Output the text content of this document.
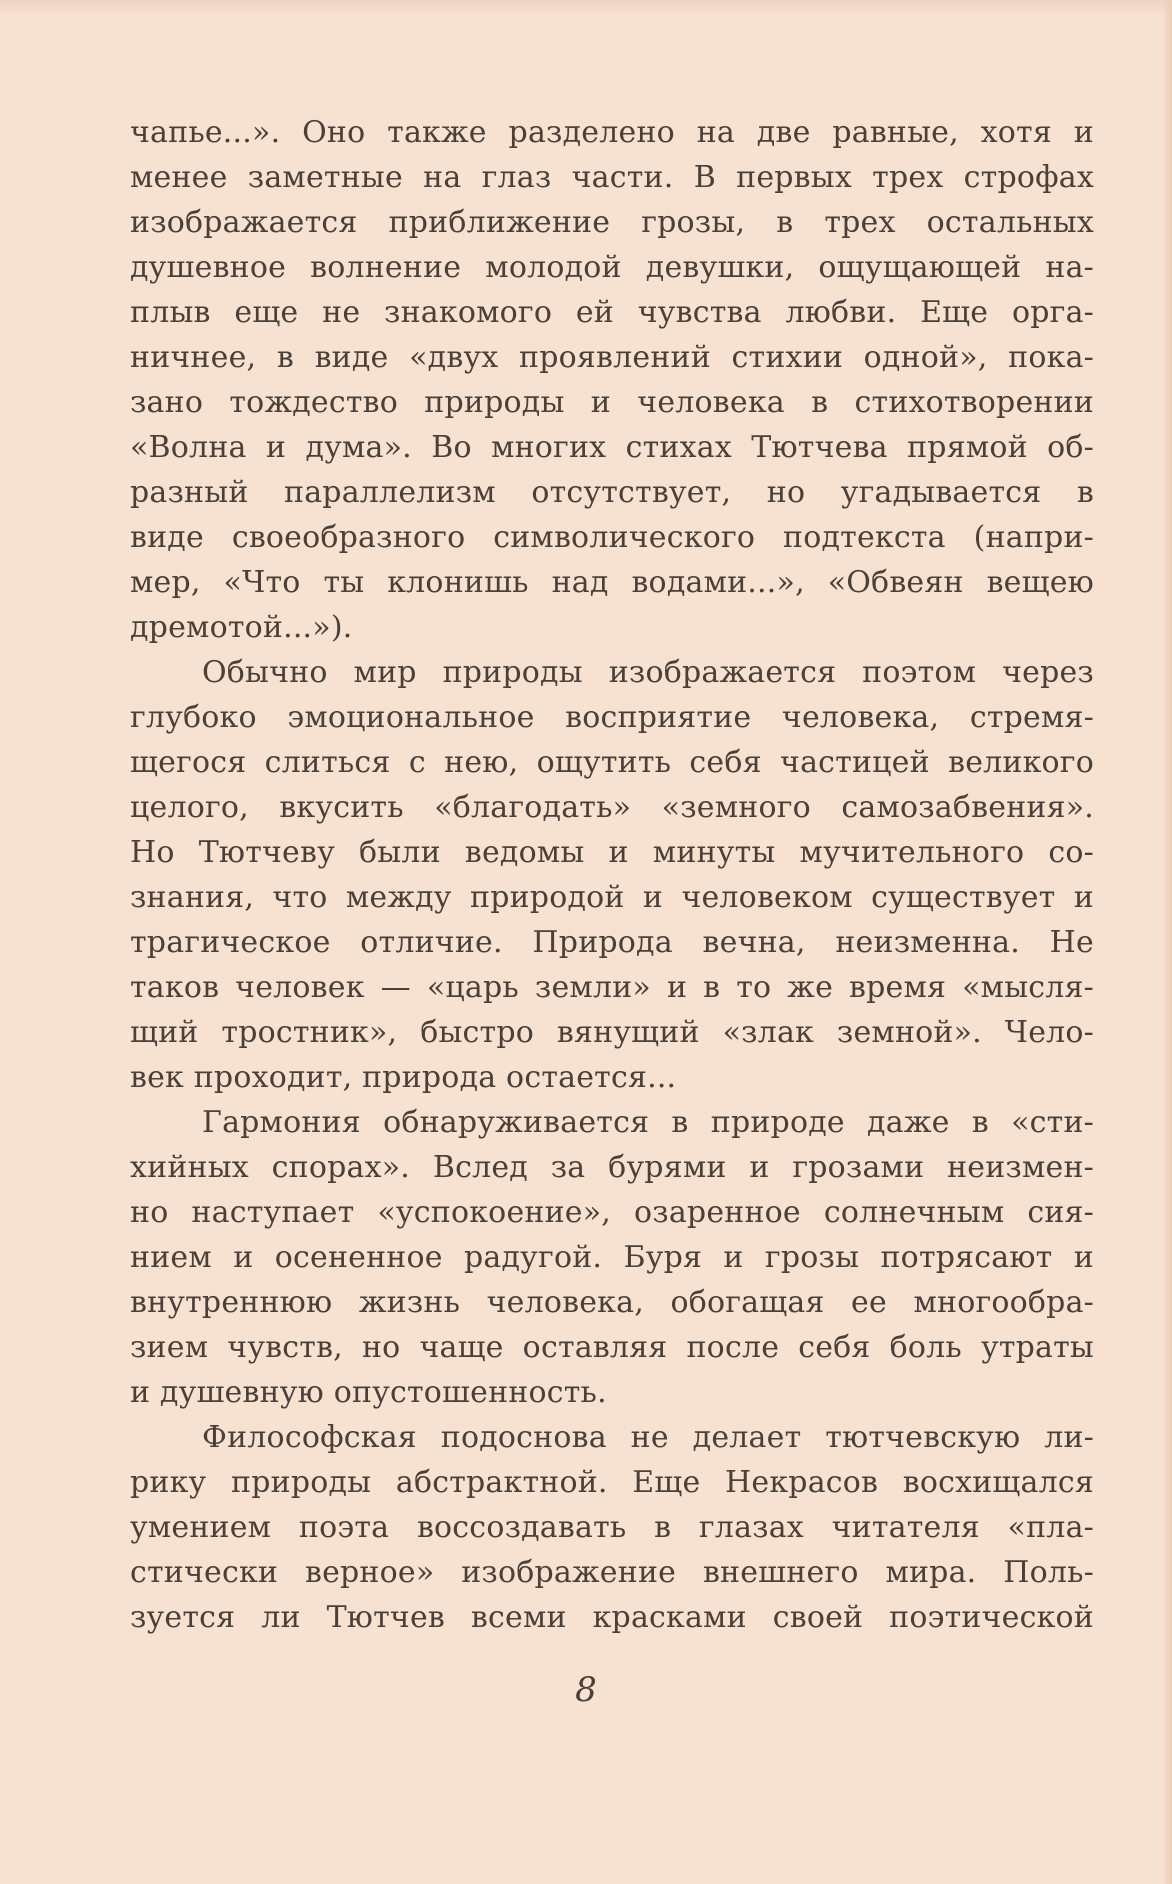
чапье...». Оно также разделено на две равные, хотя и
менее заметные на глаз части. В первых трех строфах
изображается приближение грозы, в трех остальных
душевное волнение молодой девушки, ощущающей на-
плыв еще не знакомого ей чувства любви. Еще орга-
ничнее, в виде «двух проявлений стихии одной», пока-
зано тождество природы и человека в стихотворении
«Волна и дума». Во многих стихах Тютчева прямой об-
разный параллелизм отсутствует, но угадывается в
виде своеобразного символического подтекста (напри-
мер, «Что ты клонишь над водами...», «Обвеян вещею
дремотой...»).
Обычно мир природы изображается поэтом через
глубоко эмоциональное восприятие человека, стремя-
щегося слиться с нею, ощутить себя частицей великого
целого, вкусить «благодать» «земного самозабвения».
Но Тютчеву были ведомы и минуты мучительного со-
знания, что между природой и человеком существует и
трагическое отличие. Природа вечна, неизменна. Не
таков человек — «царь земли» и в то же время «мысля-
щий тростник», быстро вянущий «злак земной». Чело-
век проходит, природа остается...
Гармония обнаруживается в природе даже в «сти-
хийных спорах». Вслед за бурями и грозами неизмен-
но наступает «успокоение», озаренное солнечным сия-
нием и осененное радугой. Буря и грозы потрясают и
внутреннюю жизнь человека, обогащая ее многообра-
зием чувств, но чаще оставляя после себя боль утраты
и душевную опустошенность.
Философская подоснова не делает тютчевскую ли-
рику природы абстрактной. Еще Некрасов восхищался
умением поэта воссоздавать в глазах читателя «пла-
стически верное» изображение внешнего мира. Поль-
зуется ли Тютчев всеми красками своей поэтической
8
